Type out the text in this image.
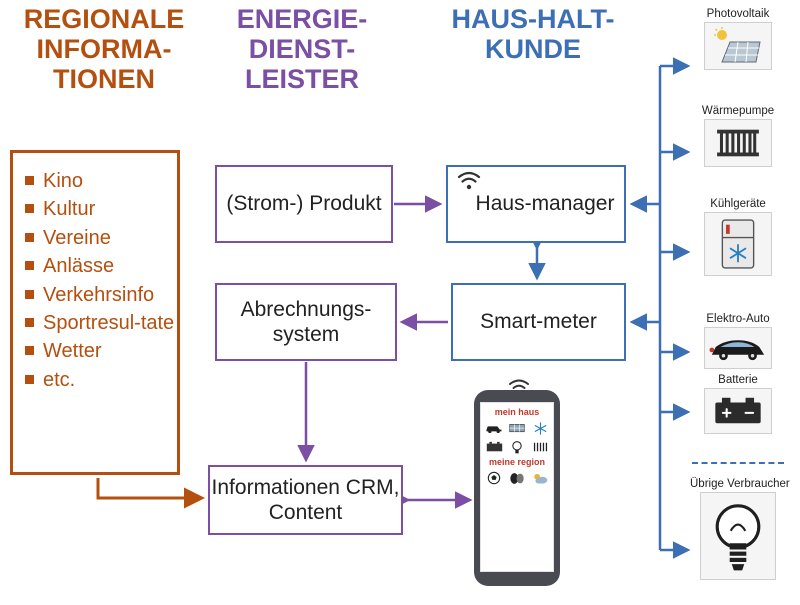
REGIONALE INFORMA-TIONEN
ENERGIE-DIENST-LEISTER
HAUS-HALT-KUNDE
Kino
Kultur
Vereine
Anlässe
Verkehrsinfo
Sportresul-tate
Wetter
etc.
(Strom-) Produkt	Haus-manager
Abrechnungs-system
Smart-meter
Informationen CRM, Content
mein haus
meine region
Photovoltaik
Wärmepumpe
Kühlgeräte
Elektro-Auto
Batterie
Übrige Verbraucher
